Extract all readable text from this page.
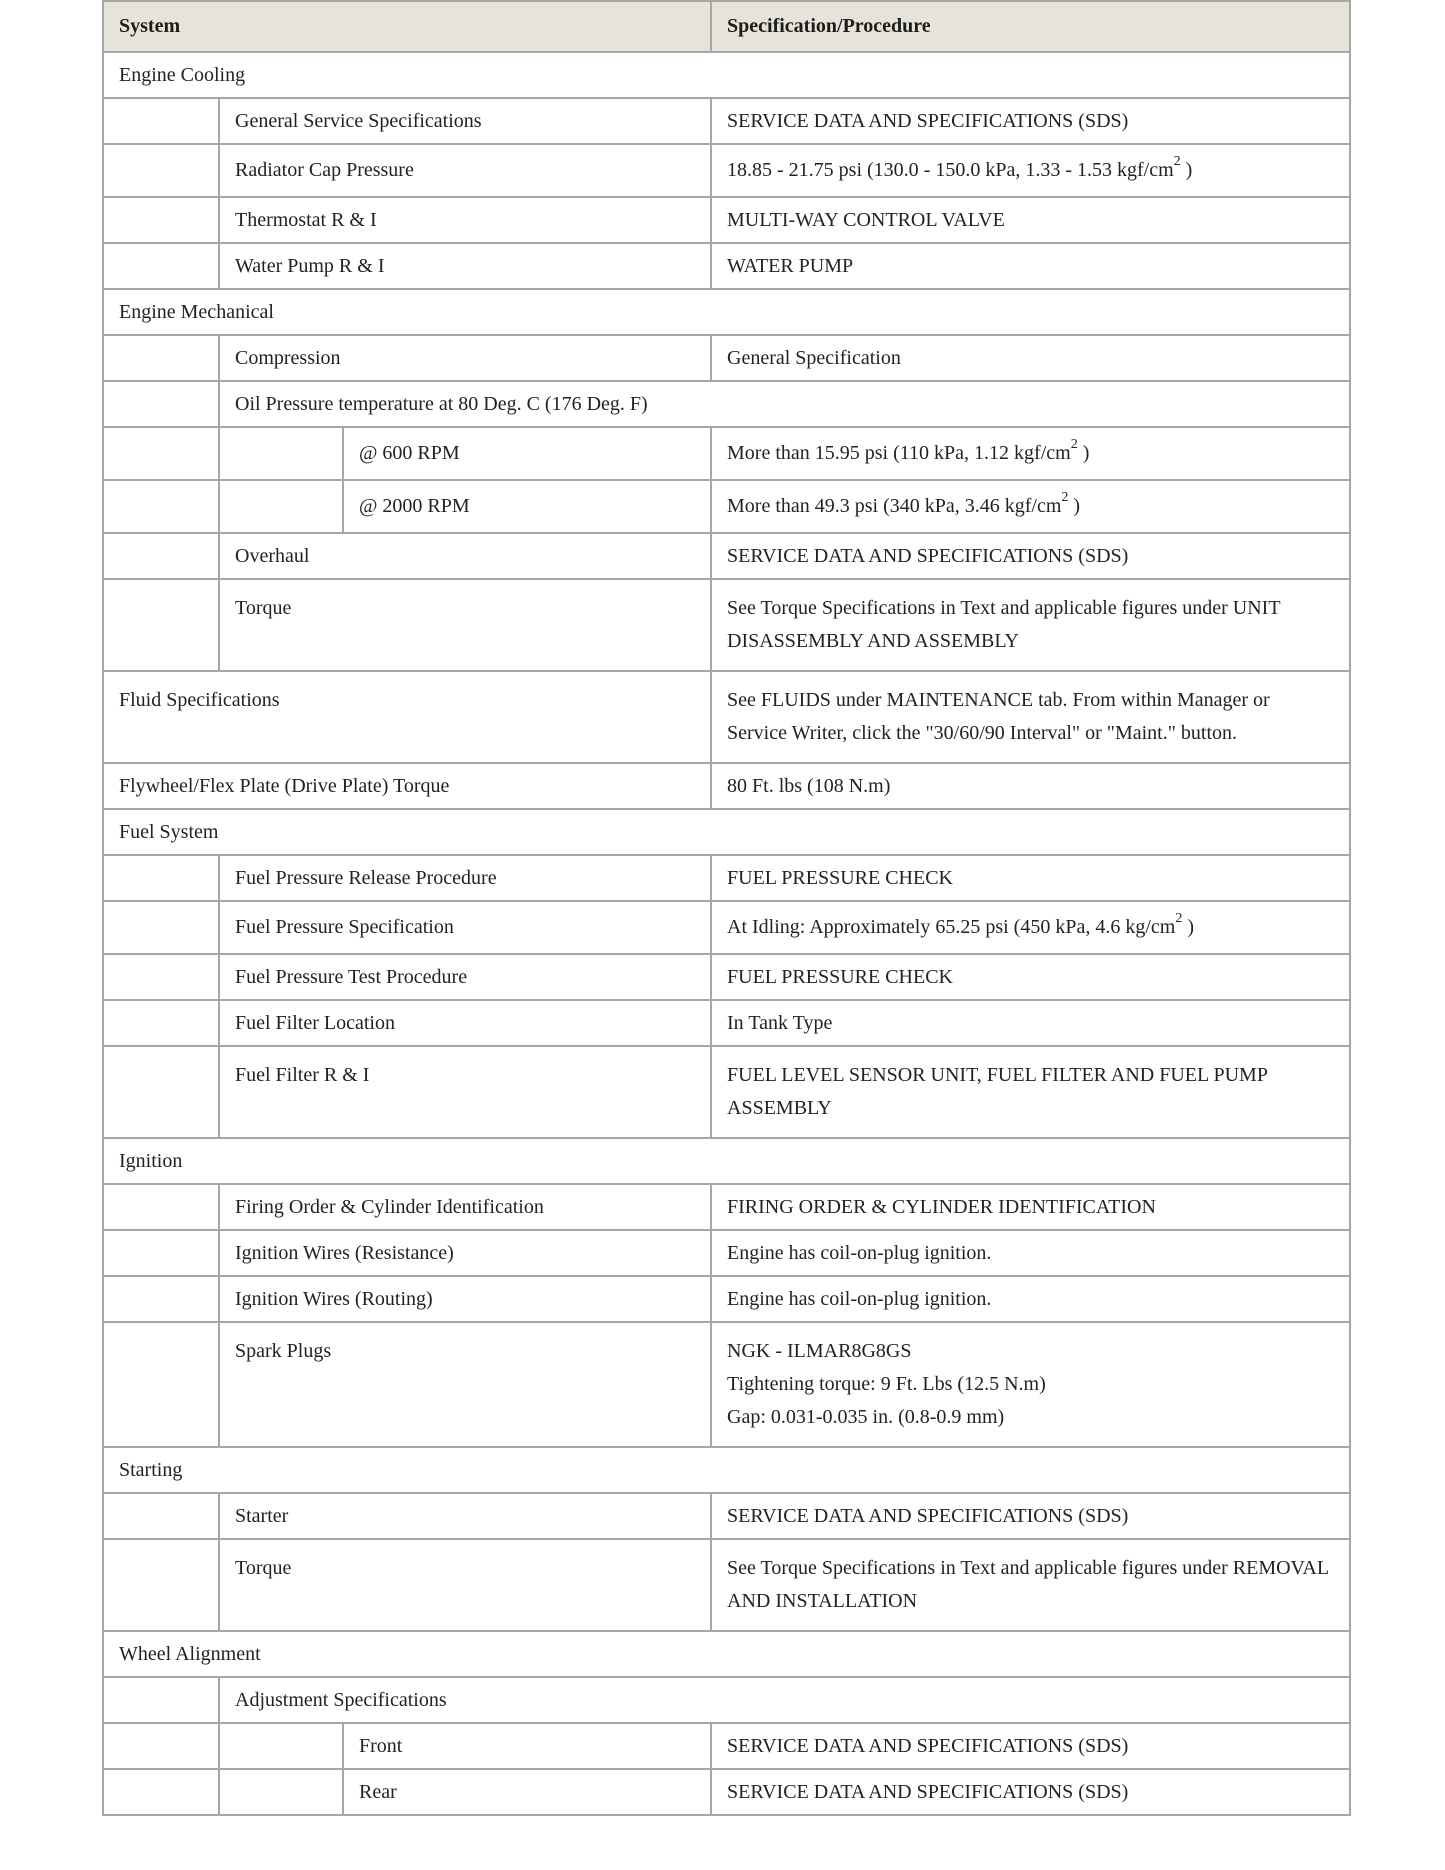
System			Specification/Procedure
Engine Cooling			
	General Service Specifications		SERVICE DATA AND SPECIFICATIONS (SDS)
	Radiator Cap Pressure		18.85 - 21.75 psi (130.0 - 150.0 kPa, 1.33 - 1.53 kgf/$cm^2$ )
	Thermostat R & I		MULTI-WAY CONTROL VALVE
	Water Pump R & I		WATER PUMP
Engine Mechanical			
	Compression		General Specification
	Oil Pressure temperature at 80 Deg. C (176 Deg. F)		
		@ 600 RPM	More than 15.95 psi (110 kPa, 1.12 kgf/$cm^2$ )
		@ 2000 RPM	More than 49.3 psi (340 kPa, 3.46 kgf/$cm^2$ )
	Overhaul		SERVICE DATA AND SPECIFICATIONS (SDS)
	Torque		See Torque Specifications in Text and applicable figures under UNIT DISASSEMBLY AND ASSEMBLY
Fluid Specifications			See FLUIDS under MAINTENANCE tab. From within Manager or Service Writer, click the "30/60/90 Interval" or "Maint." button.
Flywheel/Flex Plate (Drive Plate) Torque			80 Ft. lbs (108 N.m)
Fuel System			
	Fuel Pressure Release Procedure		FUEL PRESSURE CHECK
	Fuel Pressure Specification		At Idling: Approximately 65.25 psi (450 kPa, 4.6 $kg/cm^2$ )
	Fuel Pressure Test Procedure		FUEL PRESSURE CHECK
	Fuel Filter Location		In Tank Type
	Fuel Filter R & I		FUEL LEVEL SENSOR UNIT, FUEL FILTER AND FUEL PUMP ASSEMBLY
Ignition			
	Firing Order & Cylinder Identification		FIRING ORDER & CYLINDER IDENTIFICATION
	Ignition Wires (Resistance)		Engine has coil-on-plug ignition.
	Ignition Wires (Routing)		Engine has coil-on-plug ignition.
	Spark Plugs		NGK - ILMAR8G8GS
Tightening torque: 9 Ft. Lbs (12.5 N.m)
Gap: 0.031-0.035 in. (0.8-0.9 mm)

Starting			
	Starter		SERVICE DATA AND SPECIFICATIONS (SDS)
	Torque		See Torque Specifications in Text and applicable figures under REMOVAL AND INSTALLATION
Wheel Alignment			
	Adjustment Specifications		
		Front	SERVICE DATA AND SPECIFICATIONS (SDS)
		Rear	SERVICE DATA AND SPECIFICATIONS (SDS)
